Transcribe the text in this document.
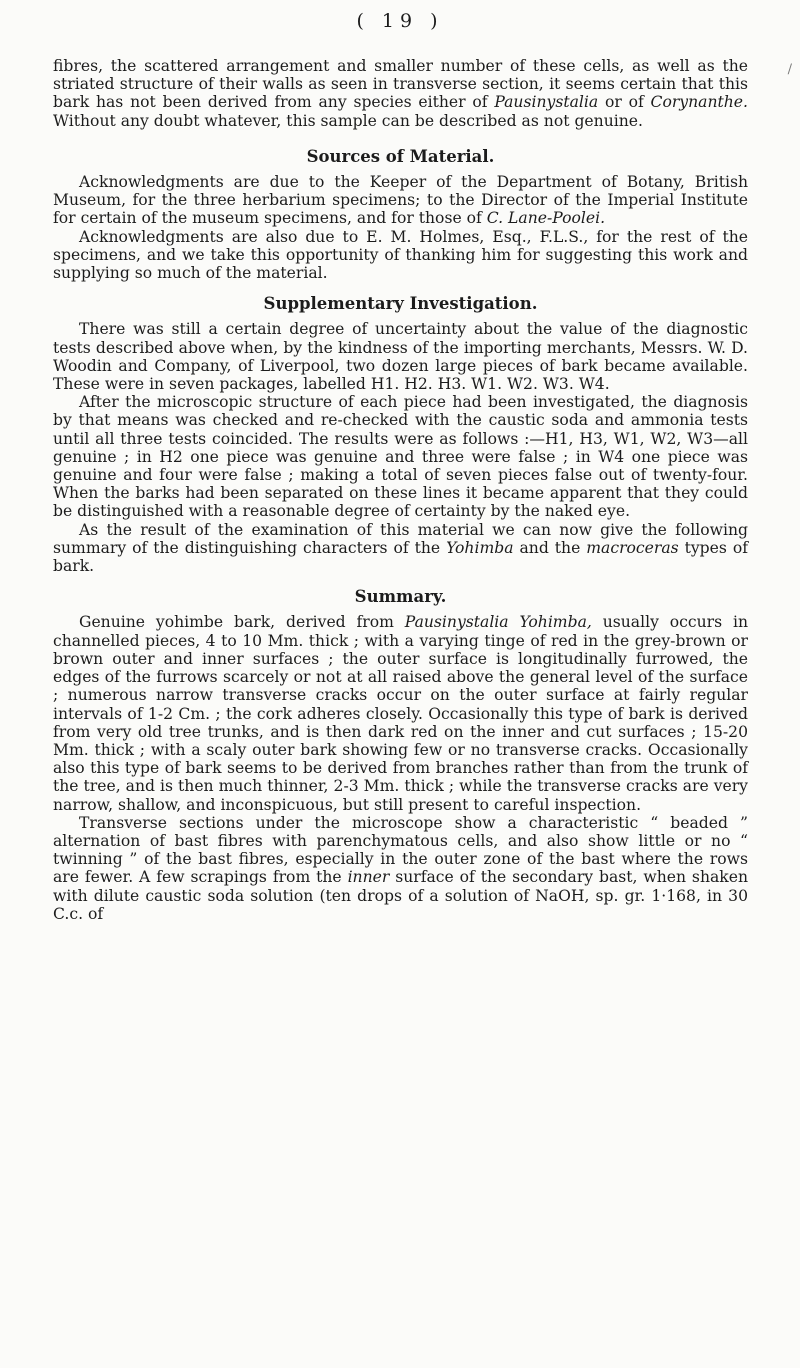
( 19 )
/

fibres, the scattered arrangement and smaller number of these cells, as well as the striated structure of their walls as seen in transverse section, it seems certain that this bark has not been derived from any species either of Pausinystalia or of Corynanthe. Without any doubt whatever, this sample can be described as not genuine.

Sources of Material.

Acknowledgments are due to the Keeper of the Department of Botany, British Museum, for the three herbarium specimens; to the Director of the Imperial Institute for certain of the museum specimens, and for those of C. Lane-Poolei.

Acknowledgments are also due to E. M. Holmes, Esq., F.L.S., for the rest of the specimens, and we take this opportunity of thanking him for suggesting this work and supplying so much of the material.

Supplementary Investigation.

There was still a certain degree of uncertainty about the value of the diagnostic tests described above when, by the kindness of the importing merchants, Messrs. W. D. Woodin and Company, of Liverpool, two dozen large pieces of bark became available. These were in seven packages, labelled H1. H2. H3. W1. W2. W3. W4.

After the microscopic structure of each piece had been investigated, the diagnosis by that means was checked and re-checked with the caustic soda and ammonia tests until all three tests coincided. The results were as follows :—H1, H3, W1, W2, W3—all genuine ; in H2 one piece was genuine and three were false ; in W4 one piece was genuine and four were false ; making a total of seven pieces false out of twenty-four. When the barks had been separated on these lines it became apparent that they could be distinguished with a reasonable degree of certainty by the naked eye.

As the result of the examination of this material we can now give the following summary of the distinguishing characters of the Yohimba and the macroceras types of bark.

Summary.

Genuine yohimbe bark, derived from Pausinystalia Yohimba, usually occurs in channelled pieces, 4 to 10 Mm. thick ; with a varying tinge of red in the grey-brown or brown outer and inner surfaces ; the outer surface is longitudinally furrowed, the edges of the furrows scarcely or not at all raised above the general level of the surface ; numerous narrow transverse cracks occur on the outer surface at fairly regular intervals of 1-2 Cm. ; the cork adheres closely. Occasionally this type of bark is derived from very old tree trunks, and is then dark red on the inner and cut surfaces ; 15-20 Mm. thick ; with a scaly outer bark showing few or no transverse cracks. Occasionally also this type of bark seems to be derived from branches rather than from the trunk of the tree, and is then much thinner, 2-3 Mm. thick ; while the transverse cracks are very narrow, shallow, and inconspicuous, but still present to careful inspection.

Transverse sections under the microscope show a characteristic “ beaded ” alternation of bast fibres with parenchymatous cells, and also show little or no “ twinning ” of the bast fibres, especially in the outer zone of the bast where the rows are fewer. A few scrapings from the inner surface of the secondary bast, when shaken with dilute caustic soda solution (ten drops of a solution of NaOH, sp. gr. 1·168, in 30 C.c. of
